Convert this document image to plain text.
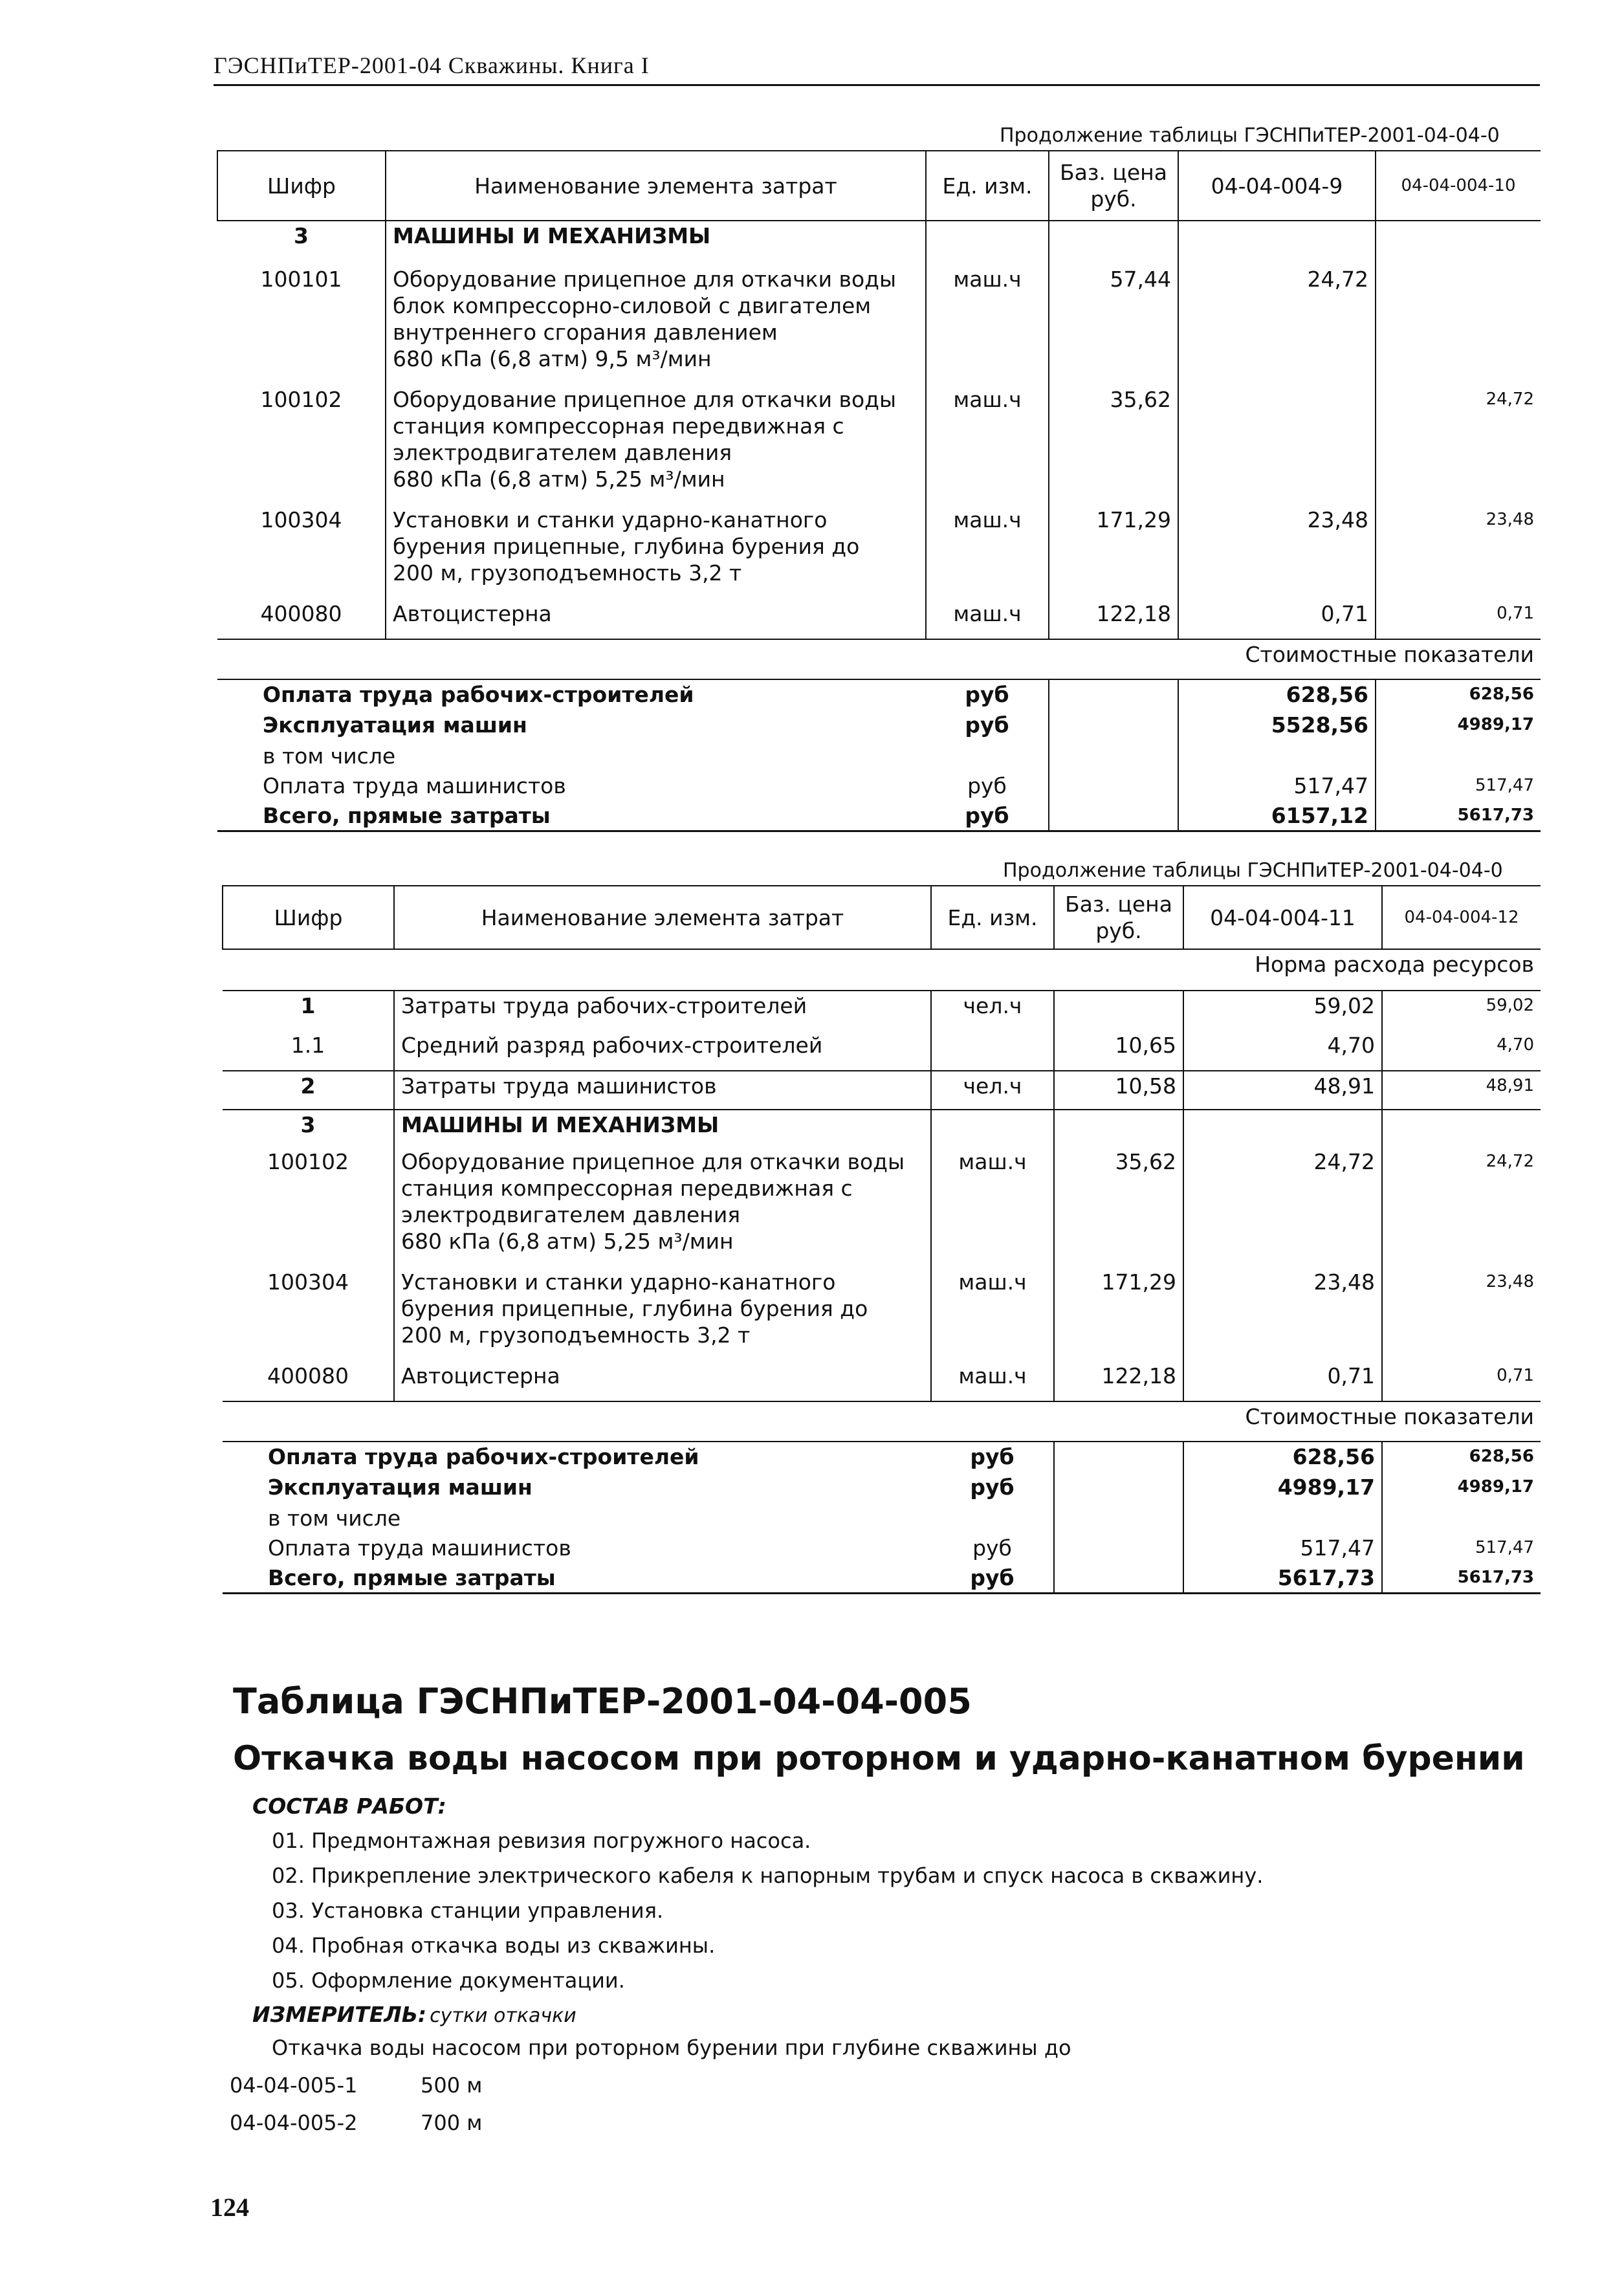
ГЭСНПиТЕР-2001-04 Скважины. Книга I
Продолжение таблицы ГЭСНПиТЕР-2001-04-04-0
Шифр	Наименование элемента затрат	Ед. изм.	Баз. цена руб.	04-04-004-9	04-04-004-10
3	МАШИНЫ И МЕХАНИЗМЫ				
100101	Оборудование прицепное для откачки воды
блок компрессорно-силовой с двигателем
внутреннего сгорания давлением
680 кПа (6,8 атм) 9,5 м³/мин	маш.ч	57,44	24,72	
100102	Оборудование прицепное для откачки воды
станция компрессорная передвижная с
электродвигателем давления
680 кПа (6,8 атм) 5,25 м³/мин	маш.ч	35,62		24,72
100304	Установки и станки ударно-канатного
бурения прицепные, глубина бурения до
200 м, грузоподъемность 3,2 т	маш.ч	171,29	23,48	23,48
400080	Автоцистерна	маш.ч	122,18	0,71	0,71
Стоимостные показатели					
Оплата труда рабочих-строителей		руб		628,56	628,56
Эксплуатация машин		руб		5528,56	4989,17
в том числе					
Оплата труда машинистов		руб		517,47	517,47
Всего, прямые затраты		руб		6157,12	5617,73
Продолжение таблицы ГЭСНПиТЕР-2001-04-04-0
Шифр	Наименование элемента затрат	Ед. изм.	Баз. цена руб.	04-04-004-11	04-04-004-12
Норма расхода ресурсов					
1	Затраты труда рабочих-строителей	чел.ч		59,02	59,02
1.1	Средний разряд рабочих-строителей		10,65	4,70	4,70
2	Затраты труда машинистов	чел.ч	10,58	48,91	48,91
3	МАШИНЫ И МЕХАНИЗМЫ				
100102	Оборудование прицепное для откачки воды
станция компрессорная передвижная с
электродвигателем давления
680 кПа (6,8 атм) 5,25 м³/мин	маш.ч	35,62	24,72	24,72
100304	Установки и станки ударно-канатного
бурения прицепные, глубина бурения до
200 м, грузоподъемность 3,2 т	маш.ч	171,29	23,48	23,48
400080	Автоцистерна	маш.ч	122,18	0,71	0,71
Стоимостные показатели					
Оплата труда рабочих-строителей		руб		628,56	628,56
Эксплуатация машин		руб		4989,17	4989,17
в том числе					
Оплата труда машинистов		руб		517,47	517,47
Всего, прямые затраты		руб		5617,73	5617,73
Таблица ГЭСНПиТЕР-2001-04-04-005
Откачка воды насосом при роторном и ударно-канатном бурении
СОСТАВ РАБОТ:
01. Предмонтажная ревизия погружного насоса.
02. Прикрепление электрического кабеля к напорным трубам и спуск насоса в скважину.
03. Установка станции управления.
04. Пробная откачка воды из скважины.
05. Оформление документации.
ИЗМЕРИТЕЛЬ: сутки откачки
Откачка воды насосом при роторном бурении при глубине скважины до
04-04-005-1	500 м
04-04-005-2	700 м
124
